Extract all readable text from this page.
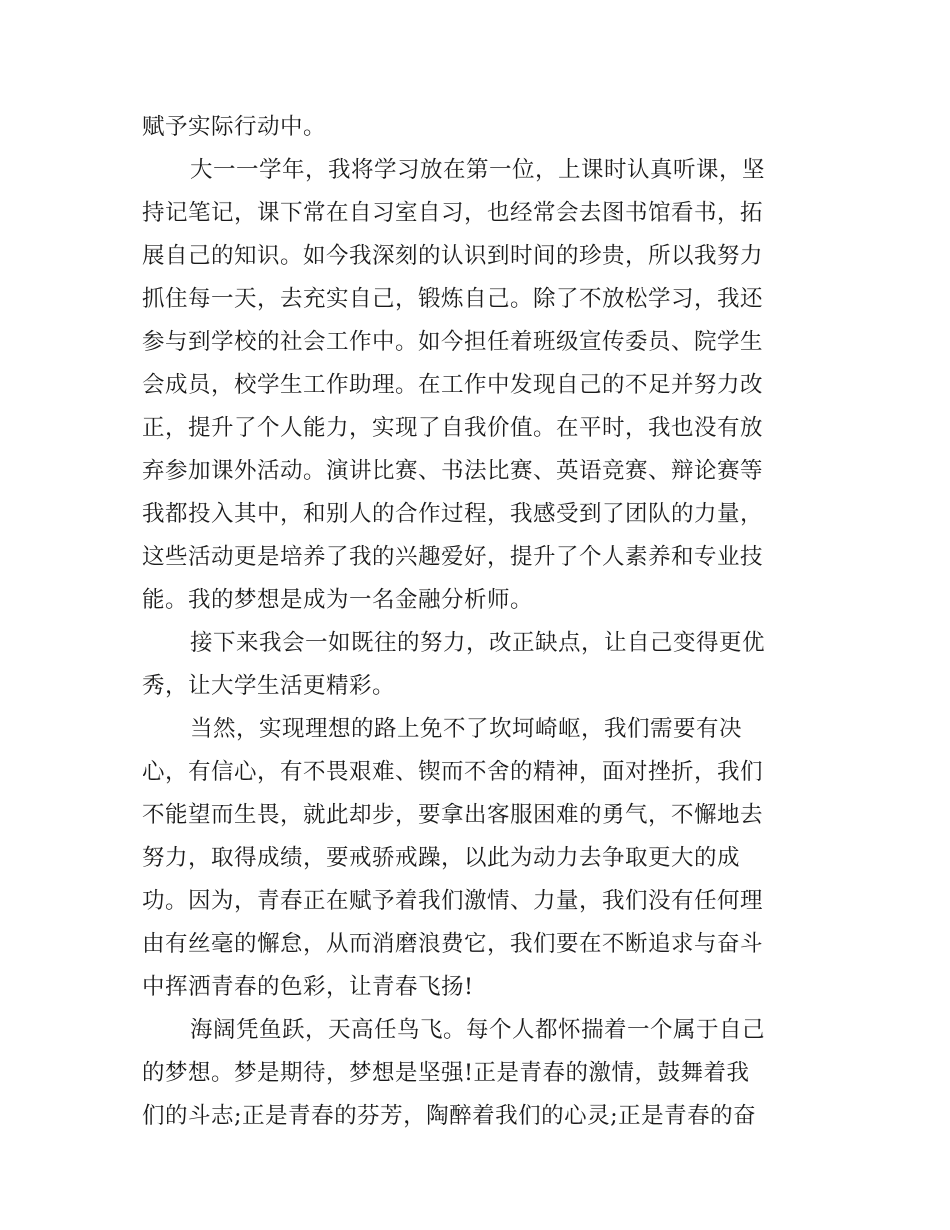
赋予实际行动中。

大一一学年，我将学习放在第一位，上课时认真听课，坚

持记笔记，课下常在自习室自习，也经常会去图书馆看书，拓

展自己的知识。如今我深刻的认识到时间的珍贵，所以我努力

抓住每一天，去充实自己，锻炼自己。除了不放松学习，我还

参与到学校的社会工作中。如今担任着班级宣传委员、院学生

会成员，校学生工作助理。在工作中发现自己的不足并努力改

正，提升了个人能力，实现了自我价值。在平时，我也没有放

弃参加课外活动。演讲比赛、书法比赛、英语竞赛、辩论赛等

我都投入其中，和别人的合作过程，我感受到了团队的力量，

这些活动更是培养了我的兴趣爱好，提升了个人素养和专业技

能。我的梦想是成为一名金融分析师。

接下来我会一如既往的努力，改正缺点，让自己变得更优

秀，让大学生活更精彩。

当然，实现理想的路上免不了坎坷崎岖，我们需要有决

心，有信心，有不畏艰难、锲而不舍的精神，面对挫折，我们

不能望而生畏，就此却步，要拿出客服困难的勇气，不懈地去

努力，取得成绩，要戒骄戒躁，以此为动力去争取更大的成

功。因为，青春正在赋予着我们激情、力量，我们没有任何理

由有丝毫的懈怠，从而消磨浪费它，我们要在不断追求与奋斗

中挥洒青春的色彩，让青春飞扬!

海阔凭鱼跃，天高任鸟飞。每个人都怀揣着一个属于自己

的梦想。梦是期待，梦想是坚强!正是青春的激情，鼓舞着我

们的斗志;正是青春的芬芳，陶醉着我们的心灵;正是青春的奋
